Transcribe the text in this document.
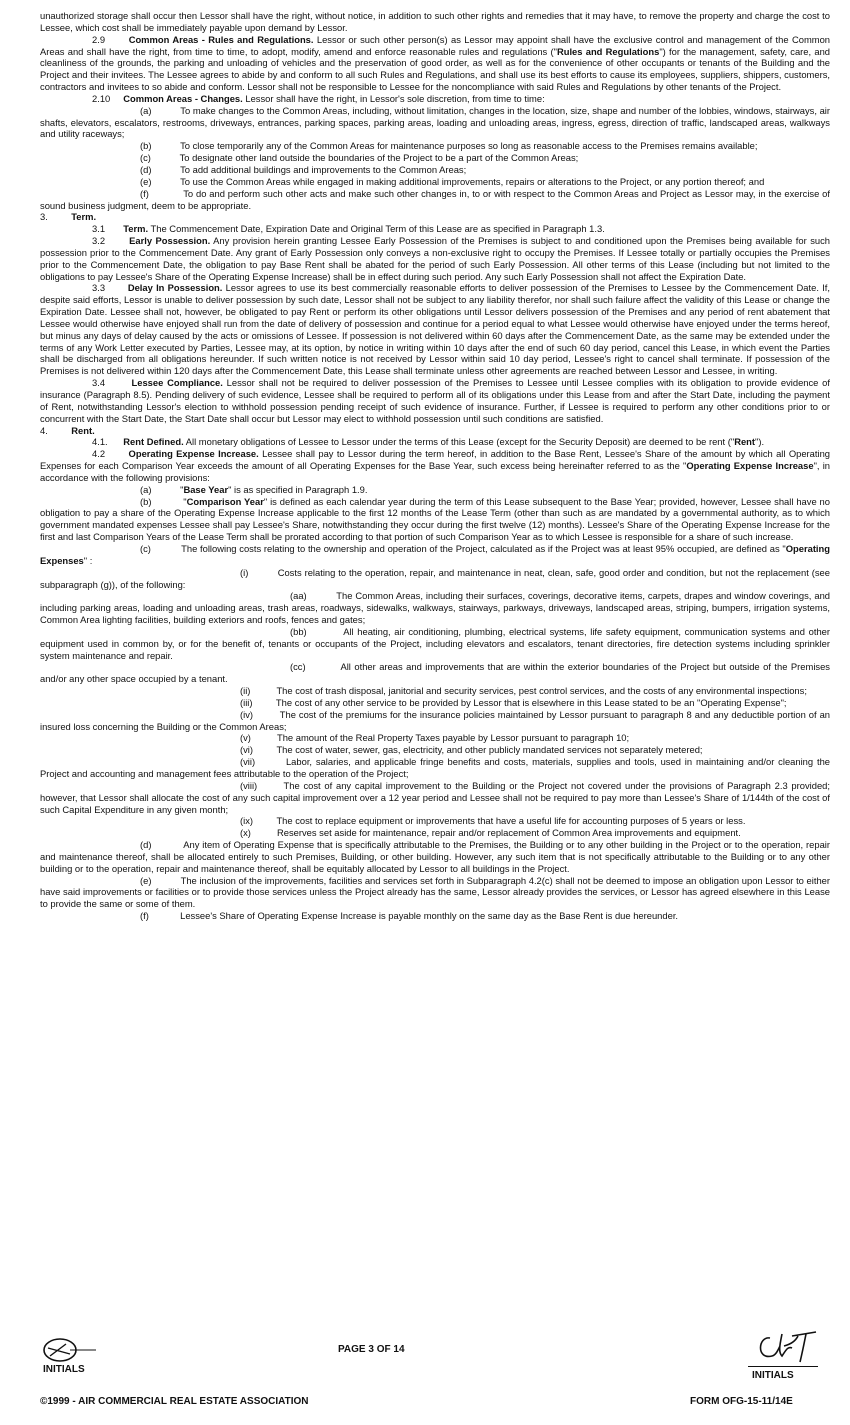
unauthorized storage shall occur then Lessor shall have the right, without notice, in addition to such other rights and remedies that it may have, to remove the property and charge the cost to Lessee, which cost shall be immediately payable upon demand by Lessor.

2.9       Common Areas - Rules and Regulations. Lessor or such other person(s) as Lessor may appoint shall have the exclusive control and management of the Common Areas and shall have the right, from time to time, to adopt, modify, amend and enforce reasonable rules and regulations ("Rules and Regulations") for the management, safety, care, and cleanliness of the grounds, the parking and unloading of vehicles and the preservation of good order, as well as for the convenience of other occupants or tenants of the Building and the Project and their invitees. The Lessee agrees to abide by and conform to all such Rules and Regulations, and shall use its best efforts to cause its employees, suppliers, shippers, customers, contractors and invitees to so abide and conform. Lessor shall not be responsible to Lessee for the noncompliance with said Rules and Regulations by other tenants of the Project.

2.10     Common Areas - Changes. Lessor shall have the right, in Lessor's sole discretion, from time to time:

(a)           To make changes to the Common Areas, including, without limitation, changes in the location, size, shape and number of the lobbies, windows, stairways, air shafts, elevators, escalators, restrooms, driveways, entrances, parking spaces, parking areas, loading and unloading areas, ingress, egress, direction of traffic, landscaped areas, walkways and utility raceways;

(b)           To close temporarily any of the Common Areas for maintenance purposes so long as reasonable access to the Premises remains available;

(c)           To designate other land outside the boundaries of the Project to be a part of the Common Areas;

(d)           To add additional buildings and improvements to the Common Areas;

(e)           To use the Common Areas while engaged in making additional improvements, repairs or alterations to the Project, or any portion thereof; and

(f)            To do and perform such other acts and make such other changes in, to or with respect to the Common Areas and Project as Lessor may, in the exercise of sound business judgment, deem to be appropriate.

3.         Term.

3.1       Term. The Commencement Date, Expiration Date and Original Term of this Lease are as specified in Paragraph 1.3.

3.2       Early Possession. Any provision herein granting Lessee Early Possession of the Premises is subject to and conditioned upon the Premises being available for such possession prior to the Commencement Date. Any grant of Early Possession only conveys a non-exclusive right to occupy the Premises. If Lessee totally or partially occupies the Premises prior to the Commencement Date, the obligation to pay Base Rent shall be abated for the period of such Early Possession. All other terms of this Lease (including but not limited to the obligations to pay Lessee's Share of the Operating Expense Increase) shall be in effect during such period. Any such Early Possession shall not affect the Expiration Date.

3.3       Delay In Possession. Lessor agrees to use its best commercially reasonable efforts to deliver possession of the Premises to Lessee by the Commencement Date. If, despite said efforts, Lessor is unable to deliver possession by such date, Lessor shall not be subject to any liability therefor, nor shall such failure affect the validity of this Lease or change the Expiration Date. Lessee shall not, however, be obligated to pay Rent or perform its other obligations until Lessor delivers possession of the Premises and any period of rent abatement that Lessee would otherwise have enjoyed shall run from the date of delivery of possession and continue for a period equal to what Lessee would otherwise have enjoyed under the terms hereof, but minus any days of delay caused by the acts or omissions of Lessee. If possession is not delivered within 60 days after the Commencement Date, as the same may be extended under the terms of any Work Letter executed by Parties, Lessee may, at its option, by notice in writing within 10 days after the end of such 60 day period, cancel this Lease, in which event the Parties shall be discharged from all obligations hereunder. If such written notice is not received by Lessor within said 10 day period, Lessee's right to cancel shall terminate. If possession of the Premises is not delivered within 120 days after the Commencement Date, this Lease shall terminate unless other agreements are reached between Lessor and Lessee, in writing.

3.4       Lessee Compliance. Lessor shall not be required to deliver possession of the Premises to Lessee until Lessee complies with its obligation to provide evidence of insurance (Paragraph 8.5). Pending delivery of such evidence, Lessee shall be required to perform all of its obligations under this Lease from and after the Start Date, including the payment of Rent, notwithstanding Lessor's election to withhold possession pending receipt of such evidence of insurance. Further, if Lessee is required to perform any other conditions prior to or concurrent with the Start Date, the Start Date shall occur but Lessor may elect to withhold possession until such conditions are satisfied.

4.         Rent.

4.1.      Rent Defined. All monetary obligations of Lessee to Lessor under the terms of this Lease (except for the Security Deposit) are deemed to be rent ("Rent").

4.2       Operating Expense Increase. Lessee shall pay to Lessor during the term hereof, in addition to the Base Rent, Lessee's Share of the amount by which all Operating Expenses for each Comparison Year exceeds the amount of all Operating Expenses for the Base Year, such excess being hereinafter referred to as the "Operating Expense Increase", in accordance with the following provisions:

(a)           "Base Year" is as specified in Paragraph 1.9.

(b)           "Comparison Year" is defined as each calendar year during the term of this Lease subsequent to the Base Year; provided, however, Lessee shall have no obligation to pay a share of the Operating Expense Increase applicable to the first 12 months of the Lease Term (other than such as are mandated by a governmental authority, as to which government mandated expenses Lessee shall pay Lessee's Share, notwithstanding they occur during the first twelve (12) months). Lessee's Share of the Operating Expense Increase for the first and last Comparison Years of the Lease Term shall be prorated according to that portion of such Comparison Year as to which Lessee is responsible for a share of such increase.

(c)           The following costs relating to the ownership and operation of the Project, calculated as if the Project was at least 95% occupied, are defined as "Operating Expenses" :

(i)          Costs relating to the operation, repair, and maintenance in neat, clean, safe, good order and condition, but not the replacement (see subparagraph (g)), of the following:

(aa)          The Common Areas, including their surfaces, coverings, decorative items, carpets, drapes and window coverings, and including parking areas, loading and unloading areas, trash areas, roadways, sidewalks, walkways, stairways, parkways, driveways, landscaped areas, striping, bumpers, irrigation systems, Common Area lighting facilities, building exteriors and roofs, fences and gates;

(bb)          All heating, air conditioning, plumbing, electrical systems, life safety equipment, communication systems and other equipment used in common by, or for the benefit of, tenants or occupants of the Project, including elevators and escalators, tenant directories, fire detection systems including sprinkler system maintenance and repair.

(cc)          All other areas and improvements that are within the exterior boundaries of the Project but outside of the Premises and/or any other space occupied by a tenant.

(ii)          The cost of trash disposal, janitorial and security services, pest control services, and the costs of any environmental inspections;

(iii)         The cost of any other service to be provided by Lessor that is elsewhere in this Lease stated to be an "Operating Expense";

(iv)         The cost of the premiums for the insurance policies maintained by Lessor pursuant to paragraph 8 and any deductible portion of an insured loss concerning the Building or the Common Areas;

(v)          The amount of the Real Property Taxes payable by Lessor pursuant to paragraph 10;

(vi)         The cost of water, sewer, gas, electricity, and other publicly mandated services not separately metered;

(vii)        Labor, salaries, and applicable fringe benefits and costs, materials, supplies and tools, used in maintaining and/or cleaning the Project and accounting and management fees attributable to the operation of the Project;

(viii)       The cost of any capital improvement to the Building or the Project not covered under the provisions of Paragraph 2.3 provided; however, that Lessor shall allocate the cost of any such capital improvement over a 12 year period and Lessee shall not be required to pay more than Lessee's Share of 1/144th of the cost of such Capital Expenditure in any given month;

(ix)         The cost to replace equipment or improvements that have a useful life for accounting purposes of 5 years or less.

(x)          Reserves set aside for maintenance, repair and/or replacement of Common Area improvements and equipment.

(d)           Any item of Operating Expense that is specifically attributable to the Premises, the Building or to any other building in the Project or to the operation, repair and maintenance thereof, shall be allocated entirely to such Premises, Building, or other building. However, any such item that is not specifically attributable to the Building or to any other building or to the operation, repair and maintenance thereof, shall be equitably allocated by Lessor to all buildings in the Project.

(e)           The inclusion of the improvements, facilities and services set forth in Subparagraph 4.2(c) shall not be deemed to impose an obligation upon Lessor to either have said improvements or facilities or to provide those services unless the Project already has the same, Lessor already provides the services, or Lessor has agreed elsewhere in this Lease to provide the same or some of them.

(f)            Lessee's Share of Operating Expense Increase is payable monthly on the same day as the Base Rent is due hereunder.

INITIALS
PAGE 3 OF 14
INITIALS
©1999 - AIR COMMERCIAL REAL ESTATE ASSOCIATION	FORM OFG-15-11/14E
